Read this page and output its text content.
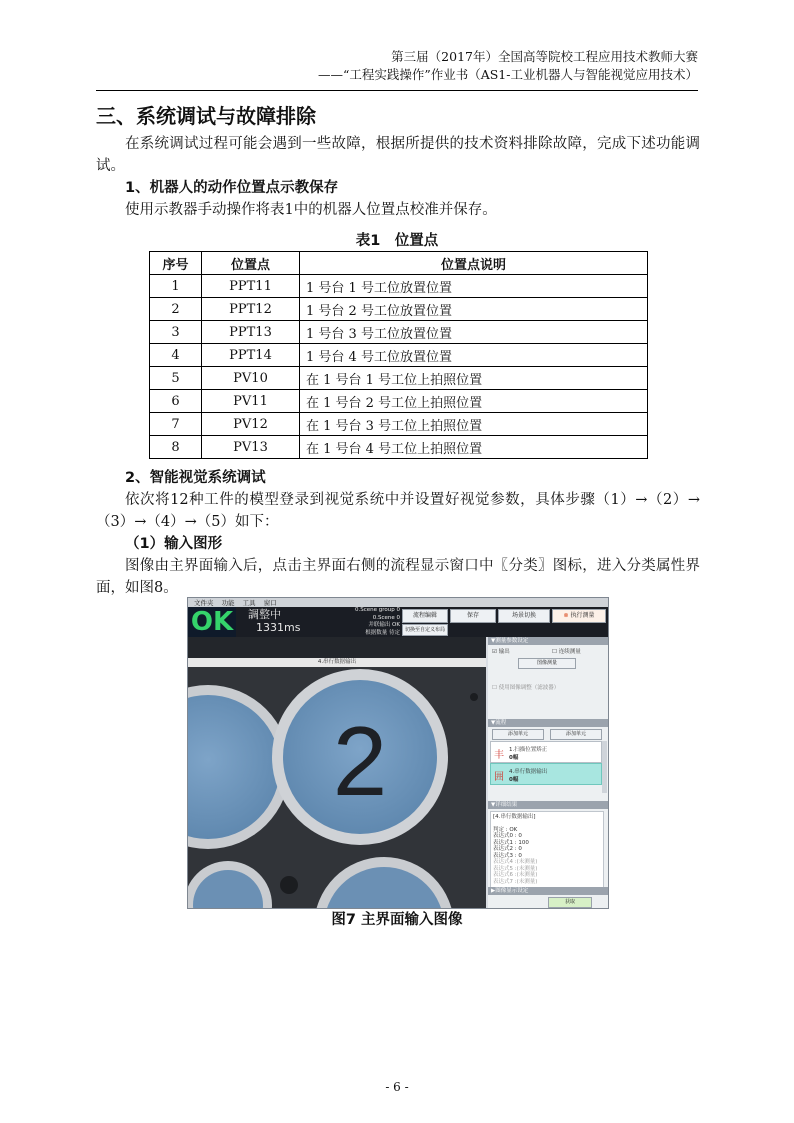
第三届（2017年）全国高等院校工程应用技术教师大赛
——“工程实践操作”作业书（AS1-工业机器人与智能视觉应用技术）
三、系统调试与故障排除
在系统调试过程可能会遇到一些故障，根据所提供的技术资料排除故障，完成下述功能调试。
1、机器人的动作位置点示教保存
使用示教器手动操作将表1中的机器人位置点校准并保存。
表1　位置点
序号	位置点	位置点说明
1	PPT11	1 号台 1 号工位放置位置
2	PPT12	1 号台 2 号工位放置位置
3	PPT13	1 号台 3 号工位放置位置
4	PPT14	1 号台 4 号工位放置位置
5	PV10	在 1 号台 1 号工位上拍照位置
6	PV11	在 1 号台 2 号工位上拍照位置
7	PV12	在 1 号台 3 号工位上拍照位置
8	PV13	在 1 号台 4 号工位上拍照位置
2、智能视觉系统调试
依次将12种工件的模型登录到视觉系统中并设置好视觉参数，具体步骤（1）→（2）→（3）→（4）→（5）如下：
（1）输入图形
图像由主界面输入后，点击主界面右侧的流程显示窗口中〖分类〗图标，进入分类属性界面，如图8。
文件夹 功能 工具 窗口
OK	調整中
1331ms
0.Scene group 0
0.Scene 0
并联输出 OK
根据数量 待定
流程编辑	保存	场景切换	⊗ 执行测量
切换至自定义布局
2
4.串行数据输出
▼测量参数设定
☑ 输出	☐ 连续测量
图像测量
☐ 使用图像调整（滤波器）
▼流程
添加单元	添加单元
丰 1.扫描位置矫正
0幅
囲 4.串行数据输出
0幅
▼详细结果
[4.串行数据输出]
判定 : OK
表达式0 : 0
表达式1 : 100
表达式2 : 0
表达式3 : 0
表达式4 :(未测量)
表达式5 :(未测量)
表达式6 :(未测量)
表达式7 :(未测量)
▶图像显示设定
获取
图7 主界面输入图像
- 6 -
